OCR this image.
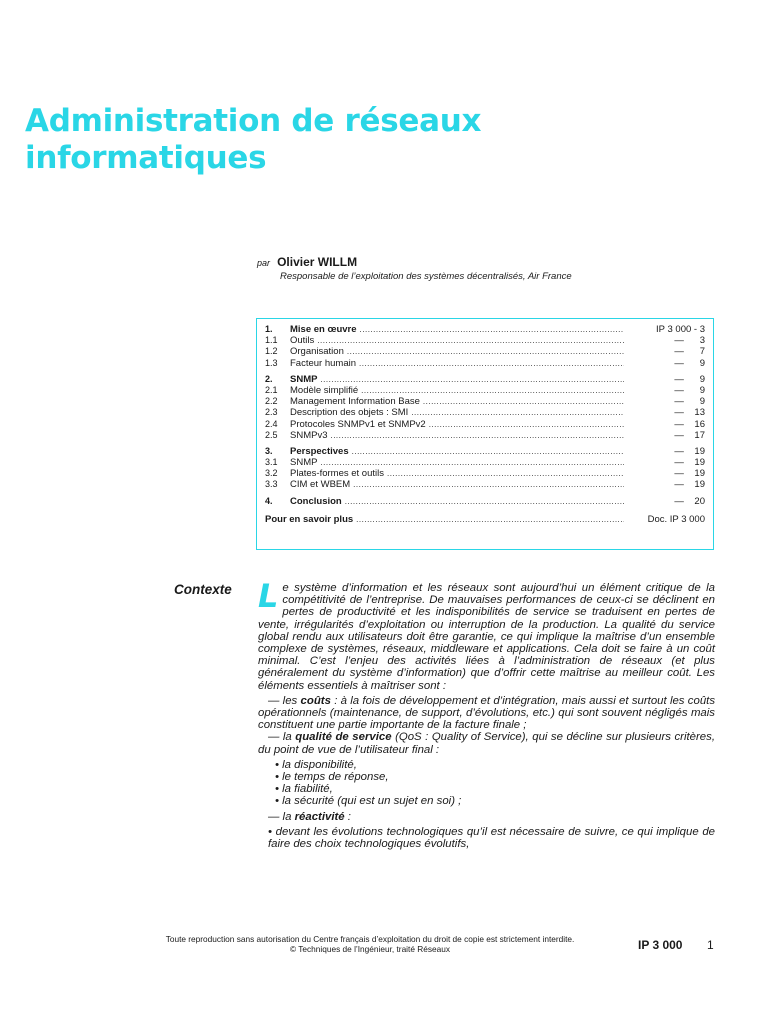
Administration de réseaux
informatiques
par Olivier WILLM
Responsable de l’exploitation des systèmes décentralisés, Air France
1.	Mise en œuvre .....	IP 3 000 - 3
1.1	Outils .....	—      3
1.2	Organisation .....	—      7
1.3	Facteur humain .....	—      9
2.	SNMP .....	—      9
2.1	Modèle simplifié .....	—      9
2.2	Management Information Base .....	—      9
2.3	Description des objets : SMI .....	—    13
2.4	Protocoles SNMPv1 et SNMPv2 .....	—    16
2.5	SNMPv3 .....	—    17
3.	Perspectives .....	—    19
3.1	SNMP .....	—    19
3.2	Plates-formes et outils .....	—    19
3.3	CIM et WBEM .....	—    19
4.	Conclusion .....	—    20
Pour en savoir plus .....	Doc. IP 3 000
Contexte Le système d’information et les réseaux sont aujourd’hui un élément critique de la compétitivité de l’entreprise. De mauvaises performances de ceux-ci se déclinent en pertes de productivité et les indisponibilités de service se traduisent en pertes de vente, irrégularités d’exploitation ou interruption de la production. La qualité du service global rendu aux utilisateurs doit être garantie, ce qui implique la maîtrise d’un ensemble complexe de systèmes, réseaux, middleware et applications. Cela doit se faire à un coût minimal. C’est l’enjeu des activités liées à l’administration de réseaux (et plus généralement du système d’information) que d’offrir cette maîtrise au meilleur coût. Les éléments essentiels à maîtriser sont :

— les coûts : à la fois de développement et d’intégration, mais aussi et surtout les coûts opérationnels (maintenance, de support, d’évolutions, etc.) qui sont souvent négligés mais constituent une partie importante de la facture finale ;

— la qualité de service (QoS : Quality of Service), qui se décline sur plusieurs critères, du point de vue de l’utilisateur final :

• la disponibilité,

• le temps de réponse,

• la fiabilité,

• la sécurité (qui est un sujet en soi) ;

— la réactivité :

• devant les évolutions technologiques qu’il est nécessaire de suivre, ce qui implique de faire des choix technologiques évolutifs,

Toute reproduction sans autorisation du Centre français d’exploitation du droit de copie est strictement interdite.
© Techniques de l’Ingénieur, traité Réseaux	IP 3 000 1
